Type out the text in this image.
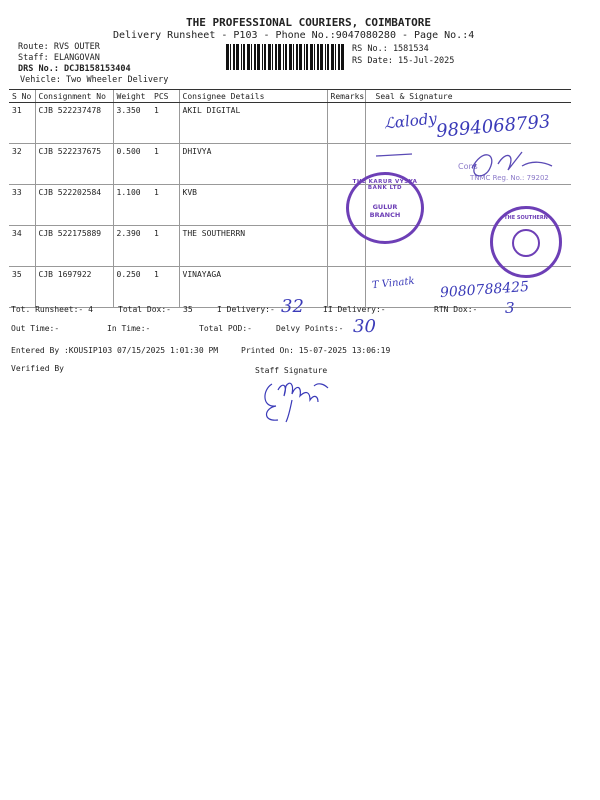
THE PROFESSIONAL COURIERS, COIMBATORE
Delivery Runsheet - P103 - Phone No.:9047080280 - Page No.:4
Route: RVS OUTER
Staff: ELANGOVAN
DRS No.: DCJB158153404
Vehicle: Two Wheeler Delivery
RS No.: 1581534
RS Date: 15-Jul-2025
S No	Consignment No	Weight	PCS	Consignee Details	Remarks	Seal & Signature
31	CJB 522237478	3.350	1	AKIL DIGITAL		
32	CJB 522237675	0.500	1	DHIVYA		
33	CJB 522202584	1.100	1	KVB		
34	CJB 522175889	2.390	1	THE SOUTHERRN		
35	CJB 1697922	0.250	1	VINAYAGA		
ℒɑlody
9894068793
T Vinatk 9080788425
Cons
TNMC Reg. No.: 79202
THE KARUR VYSYA BANK LTD
GULUR BRANCH	THE SOUTHERN
Tot. Runsheet:- 4	Total Dox:- 35	I Delivery:- 32 II Delivery:-	RTN Dox:- 3
Out Time:-	In Time:-	Total POD:-	Delvy Points:- 30
Entered By :KOUSIP103 07/15/2025 1:01:30 PM	Printed On: 15-07-2025 13:06:19
Verified By	Staff Signature
